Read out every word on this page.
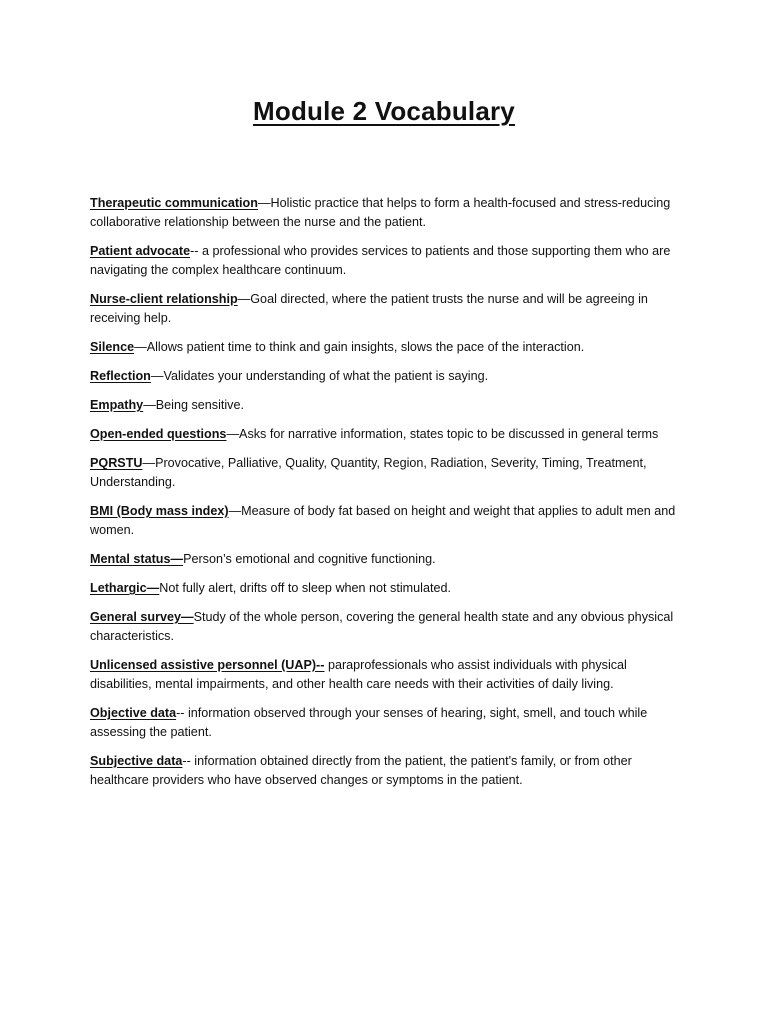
Module 2 Vocabulary

Therapeutic communication—Holistic practice that helps to form a health-focused and stress-reducing collaborative relationship between the nurse and the patient.

Patient advocate-- a professional who provides services to patients and those supporting them who are navigating the complex healthcare continuum.

Nurse-client relationship—Goal directed, where the patient trusts the nurse and will be agreeing in receiving help.

Silence—Allows patient time to think and gain insights, slows the pace of the interaction.

Reflection—Validates your understanding of what the patient is saying.

Empathy—Being sensitive.

Open-ended questions—Asks for narrative information, states topic to be discussed in general terms

PQRSTU—Provocative, Palliative, Quality, Quantity, Region, Radiation, Severity, Timing, Treatment, Understanding.

BMI (Body mass index)—Measure of body fat based on height and weight that applies to adult men and women.

Mental status—Person’s emotional and cognitive functioning.

Lethargic—Not fully alert, drifts off to sleep when not stimulated.

General survey—Study of the whole person, covering the general health state and any obvious physical characteristics.

Unlicensed assistive personnel (UAP)-- paraprofessionals who assist individuals with physical disabilities, mental impairments, and other health care needs with their activities of daily living.

Objective data-- information observed through your senses of hearing, sight, smell, and touch while assessing the patient.

Subjective data-- information obtained directly from the patient, the patient's family, or from other healthcare providers who have observed changes or symptoms in the patient.
